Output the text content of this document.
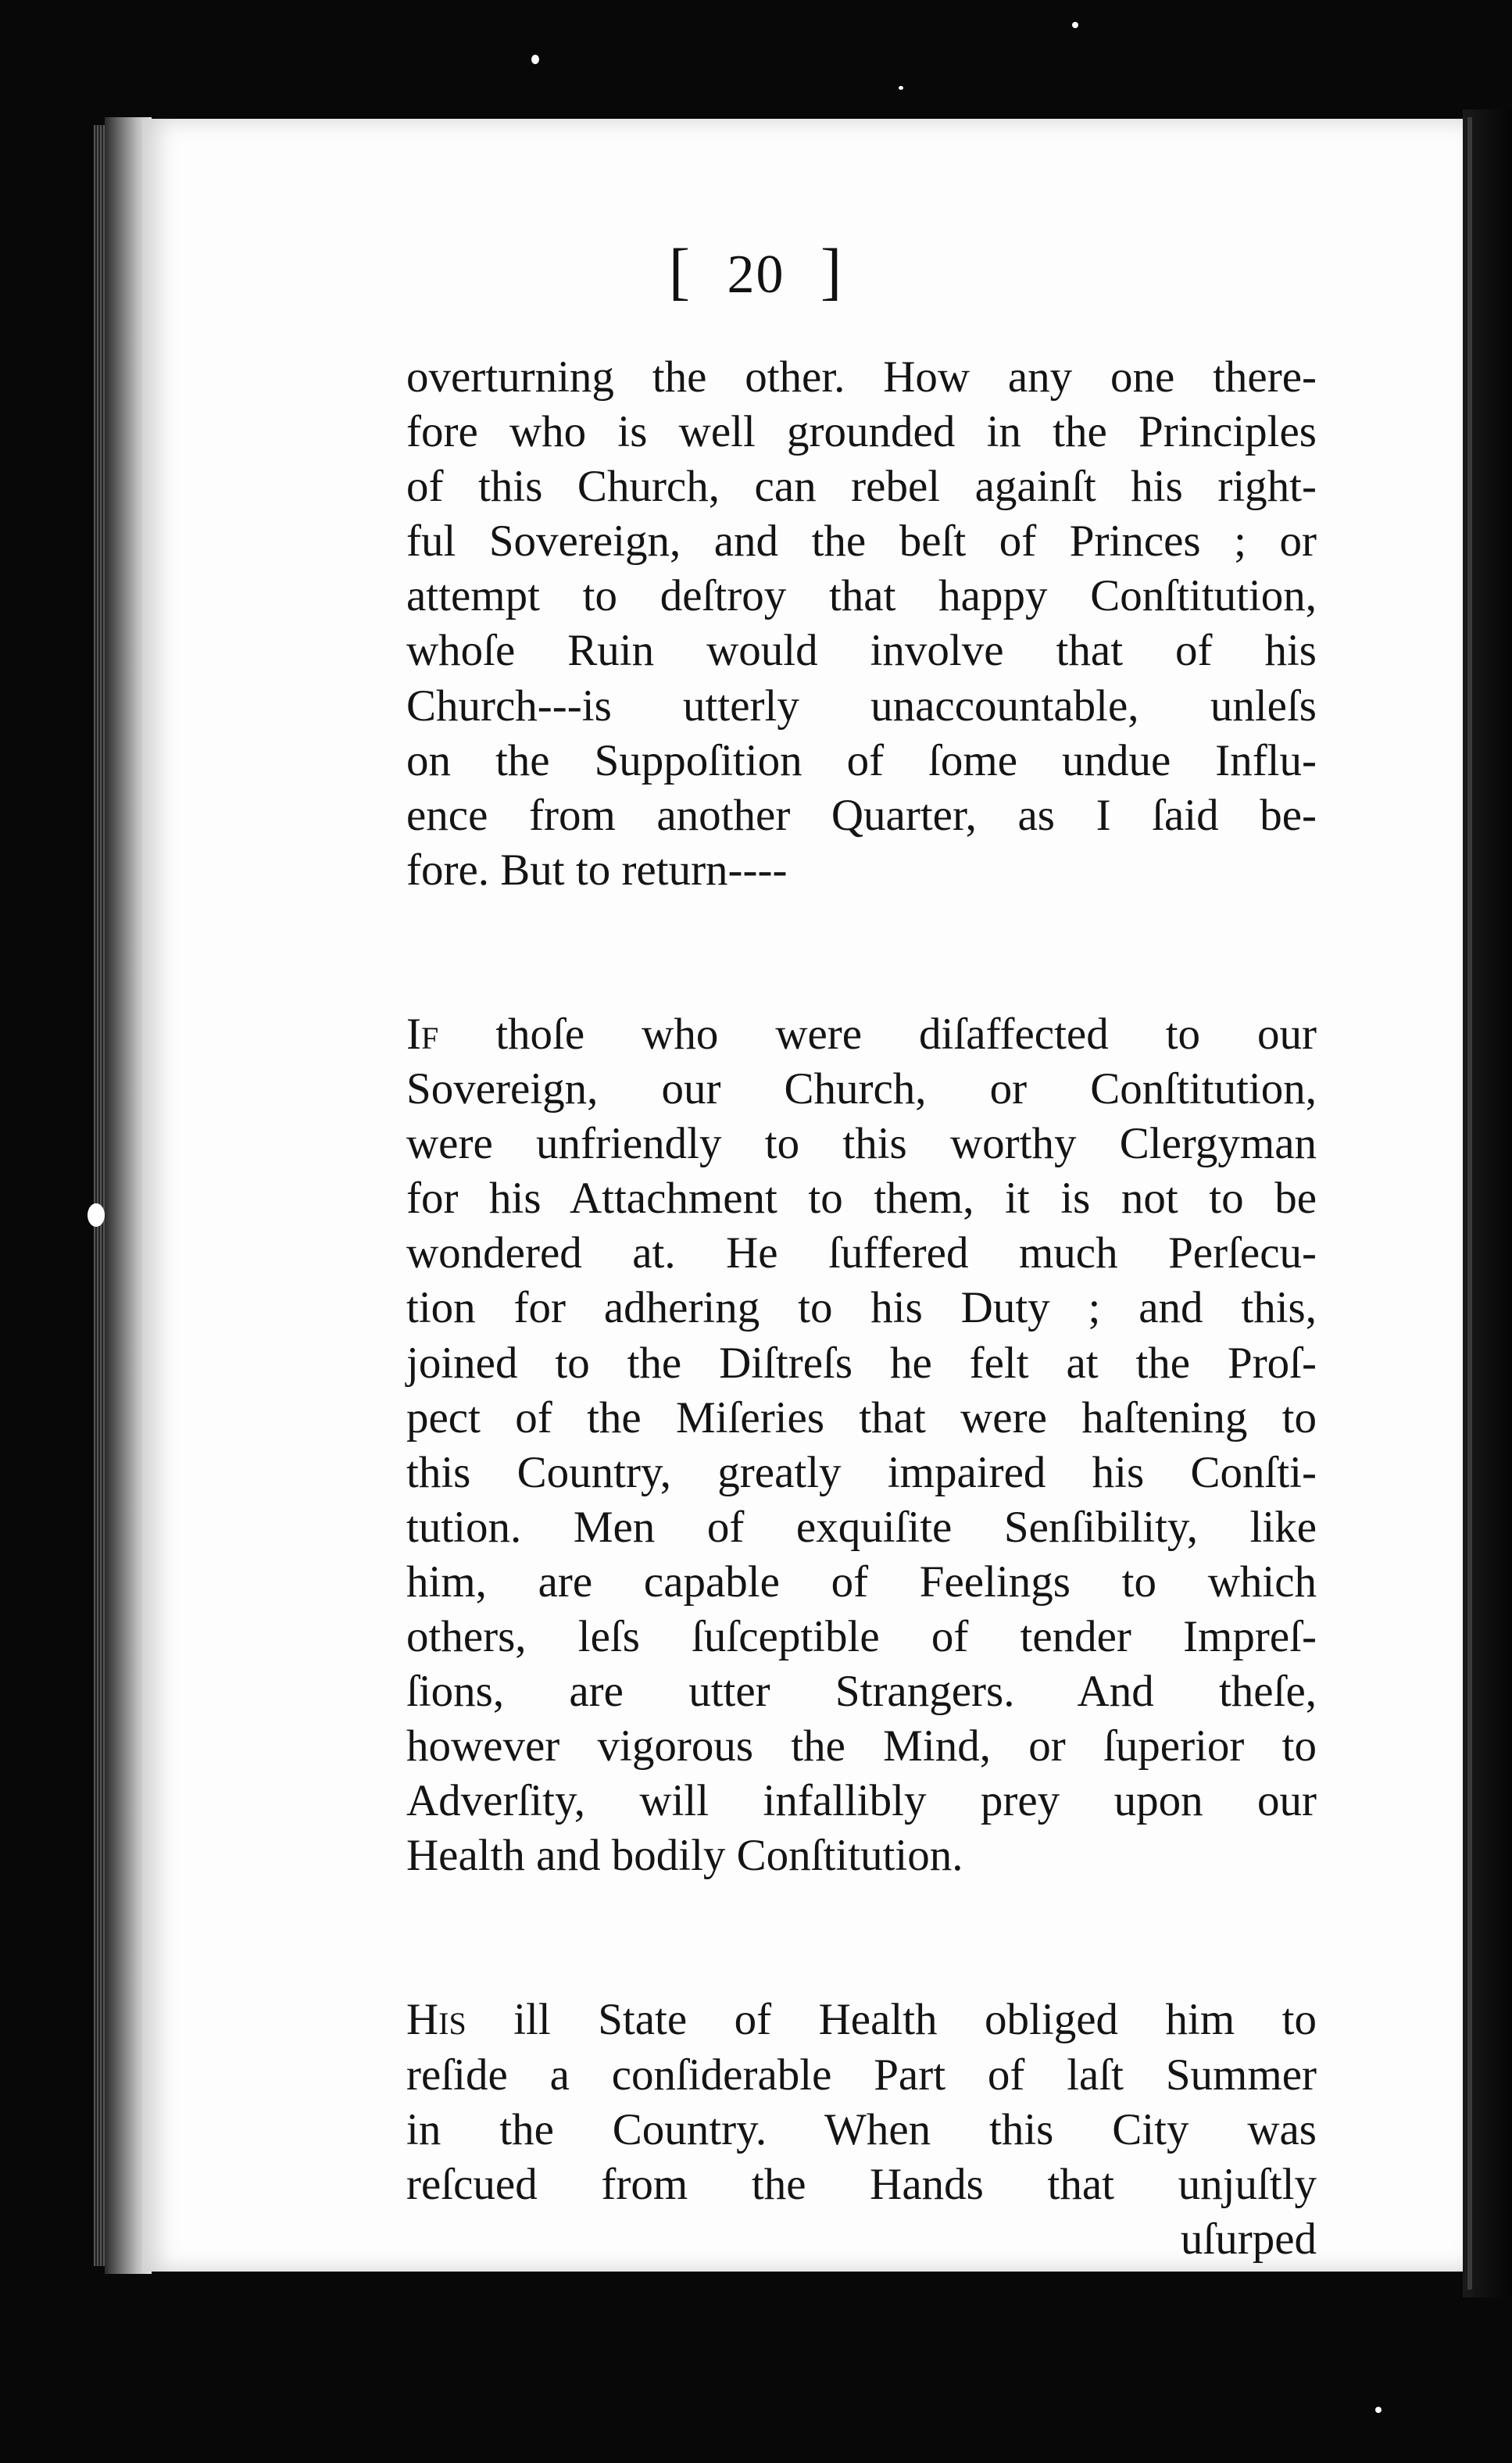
[ 20 ]
overturning the other. How any one there-
fore who is well grounded in the Principles
of this Church, can rebel againſt his right-
ful Sovereign, and the beſt of Princes ; or
attempt to deſtroy that happy Conſtitution,
whoſe Ruin would involve that of his
Church---is utterly unaccountable, unleſs
on the Suppoſition of ſome undue Influ-
ence from another Quarter, as I ſaid be-
fore. But to return----
If thoſe who were diſaffected to our
Sovereign, our Church, or Conſtitution,
were unfriendly to this worthy Clergyman
for his Attachment to them, it is not to be
wondered at. He ſuffered much Perſecu-
tion for adhering to his Duty ; and this,
joined to the Diſtreſs he felt at the Proſ-
pect of the Miſeries that were haſtening to
this Country, greatly impaired his Conſti-
tution. Men of exquiſite Senſibility, like
him, are capable of Feelings to which
others, leſs ſuſceptible of tender Impreſ-
ſions, are utter Strangers. And theſe,
however vigorous the Mind, or ſuperior to
Adverſity, will infallibly prey upon our
Health and bodily Conſtitution.
His ill State of Health obliged him to
reſide a conſiderable Part of laſt Summer
in the Country. When this City was
reſcued from the Hands that unjuſtly
uſurped
